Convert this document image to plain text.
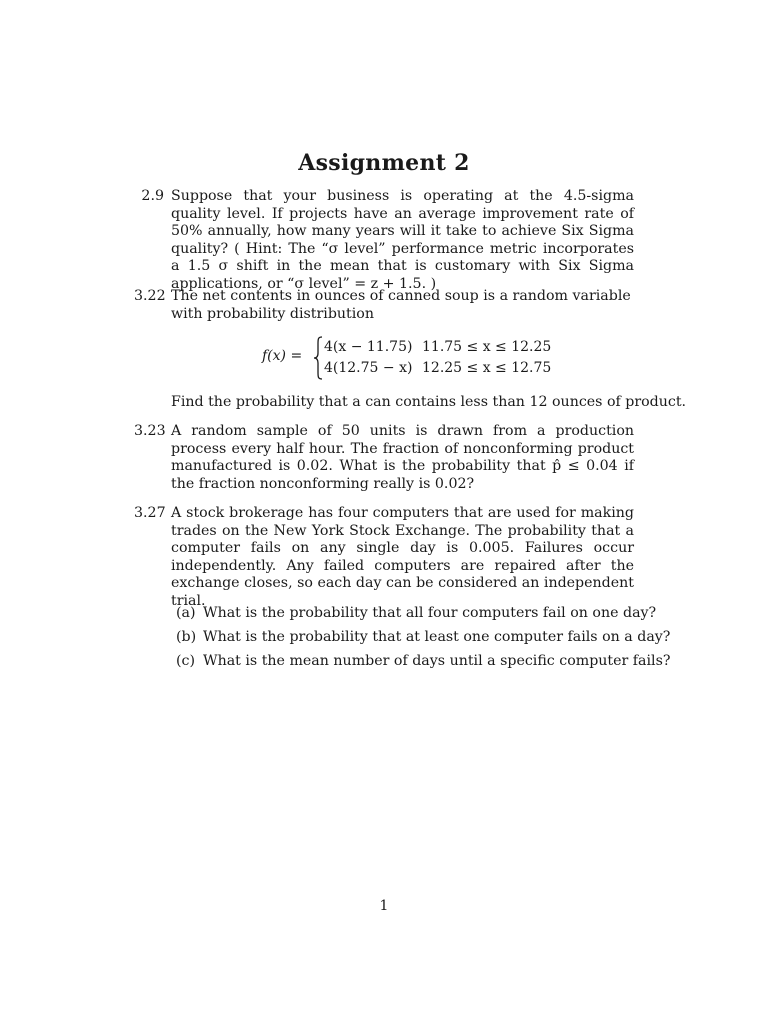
Assignment 2
2.9 Suppose that your business is operating at the 4.5-sigma quality level. If projects have an average improvement rate of 50% annually, how many years will it take to achieve Six Sigma quality? ( Hint: The “σ level” performance metric incorporates a 1.5 σ shift in the mean that is customary with Six Sigma applications, or “σ level” = z + 1.5. )
3.22 The net contents in ounces of canned soup is a random variable with probability distribution
f(x) =
4(x − 11.75) 11.75 ≤ x ≤ 12.25
4(12.75 − x) 12.25 ≤ x ≤ 12.75
Find the probability that a can contains less than 12 ounces of product.
3.23 A random sample of 50 units is drawn from a production process every half hour. The fraction of nonconforming product manufactured is 0.02. What is the probability that p̂ ≤ 0.04 if the fraction nonconforming really is 0.02?
3.27 A stock brokerage has four computers that are used for making trades on the New York Stock Exchange. The probability that a computer fails on any single day is 0.005. Failures occur independently. Any failed computers are repaired after the exchange closes, so each day can be considered an independent trial.
(a) What is the probability that all four computers fail on one day?
(b) What is the probability that at least one computer fails on a day?
(c) What is the mean number of days until a specific computer fails?
1
